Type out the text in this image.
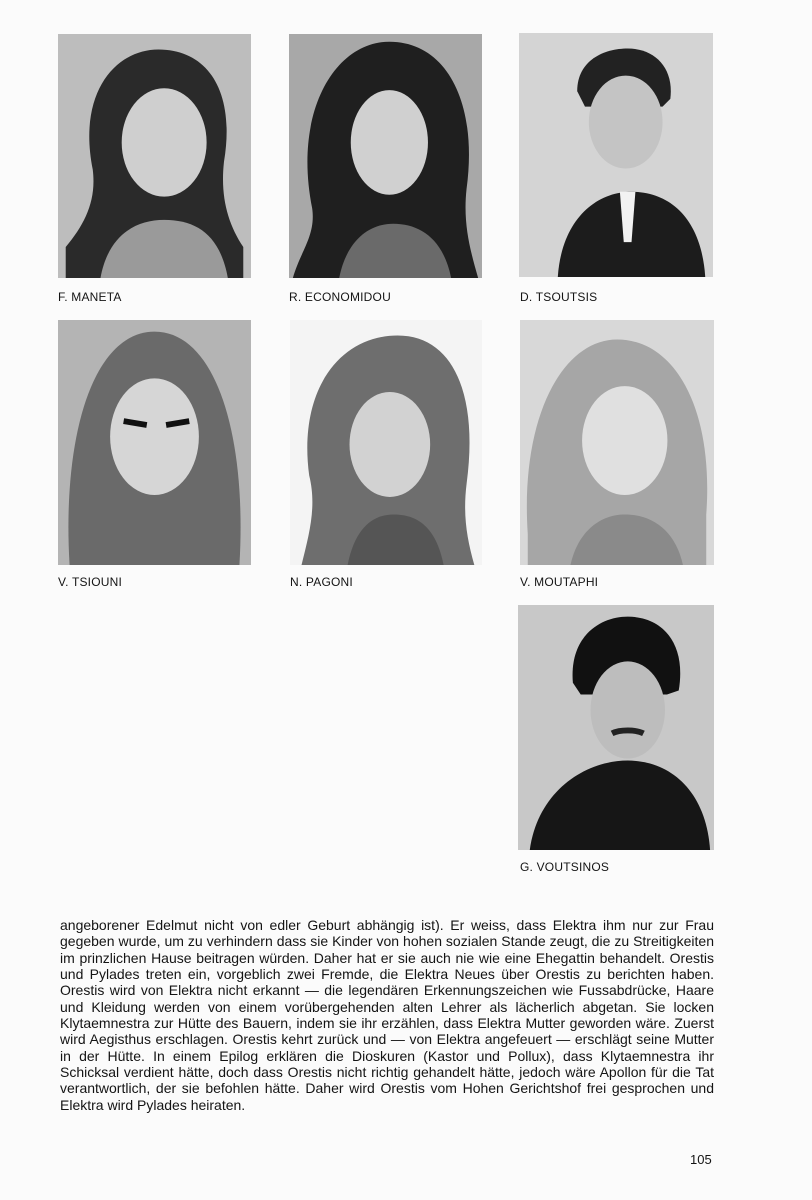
F. MANETA	R. ECONOMIDOU	D. TSOUTSIS
V. TSIOUNI	N. PAGONI	V. MOUTAPHI
G. VOUTSINOS
angeborener Edelmut nicht von edler Geburt abhängig ist). Er weiss, dass Elektra ihm nur zur Frau gegeben wurde, um zu verhindern dass sie Kinder von hohen sozialen Stande zeugt, die zu Streitigkeiten im prinzlichen Hause beitragen würden. Daher hat er sie auch nie wie eine Ehegattin behandelt. Orestis und Pylades treten ein, vorgeblich zwei Fremde, die Elektra Neues über Orestis zu berichten haben. Orestis wird von Elektra nicht erkannt — die legendären Erkennungszeichen wie Fussabdrücke, Haare und Kleidung werden von einem vorübergehenden alten Lehrer als lächerlich abgetan. Sie locken Klytaemnestra zur Hütte des Bauern, indem sie ihr erzählen, dass Elektra Mutter geworden wäre. Zuerst wird Aegisthus erschlagen. Orestis kehrt zurück und — von Elektra angefeuert — erschlägt seine Mutter in der Hütte. In einem Epilog erklären die Dioskuren (Kastor und Pollux), dass Klytaemnestra ihr Schicksal verdient hätte, doch dass Orestis nicht richtig gehandelt hätte, jedoch wäre Apollon für die Tat verantwortlich, der sie befohlen hätte. Daher wird Orestis vom Hohen Gerichtshof frei gesprochen und Elektra wird Pylades heiraten.
105
